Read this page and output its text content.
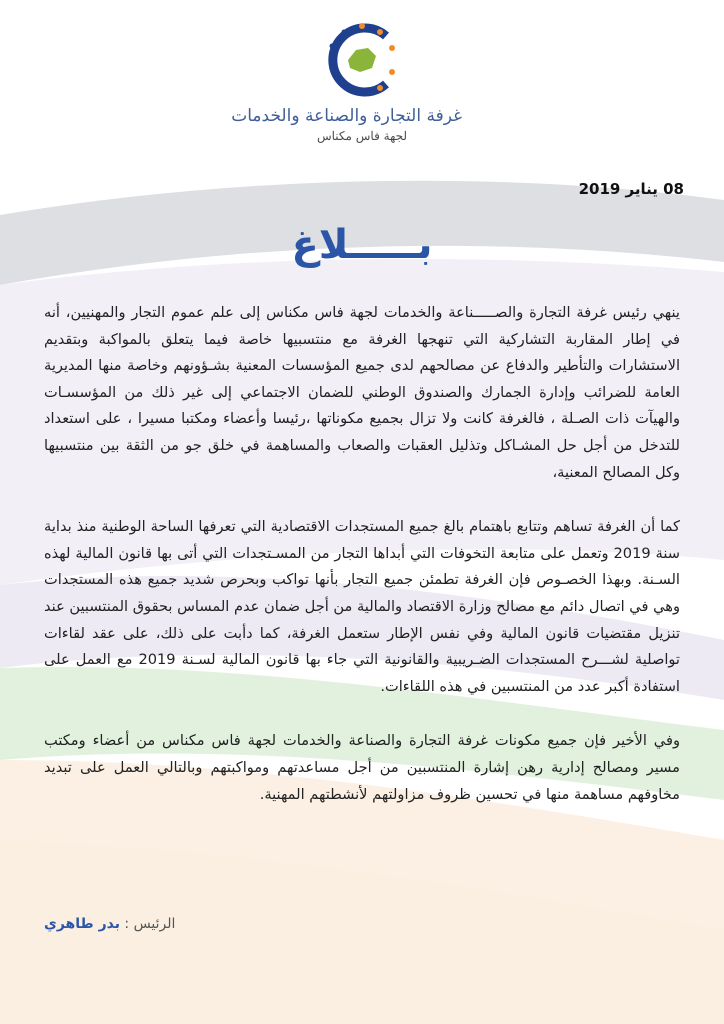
غرفة التجارة والصناعة والخدمات
لجهة فاس مكناس
08 يناير 2019
بـــــلاغ

ينهي رئيس غرفة التجارة والصـــــناعة والخدمات لجهة فاس مكناس إلى علم عموم التجار والمهنيين، أنه في إطار المقاربة التشاركية التي تنهجها الغرفة مع منتسبيها خاصة فيما يتعلق بالمواكبة وبتقديم الاستشارات والتأطير والدفاع عن مصالحهم لدى جميع المؤسسات المعنية بشـؤونهم وخاصة منها المديرية العامة للضرائب وإدارة الجمارك والصندوق الوطني للضمان الاجتماعي إلى غير ذلك من المؤسسـات والهيآت ذات الصـلة ، فالغرفة كانت ولا تزال بجميع مكوناتها ،رئيسا وأعضاء ومكتبا مسيرا ، على استعداد للتدخل من أجل حل المشـاكل وتذليل العقبات والصعاب والمساهمة في خلق جو من الثقة بين منتسبيها وكل المصالح المعنية،

كما أن الغرفة تساهم وتتابع باهتمام بالغ جميع المستجدات الاقتصادية التي تعرفها الساحة الوطنية منذ بداية سنة 2019 وتعمل على متابعة التخوفات التي أبداها التجار من المسـتجدات التي أتى بها قانون المالية لهذه السـنة. وبهذا الخصـوص فإن الغرفة تطمئن جميع التجار بأنها تواكب وبحرص شديد جميع هذه المستجدات وهي في اتصال دائم مع مصالح وزارة الاقتصاد والمالية من أجل ضمان عدم المساس بحقوق المنتسبين عند تنزيل مقتضيات قانون المالية وفي نفس الإطار ستعمل الغرفة، كما دأبت على ذلك، على عقد لقاءات تواصلية لشـــرح المستجدات الضـريبية والقانونية التي جاء بها قانون المالية لسـنة 2019 مع العمل على استفادة أكبر عدد من المنتسبين في هذه اللقاءات.

وفي الأخير فإن جميع مكونات غرفة التجارة والصناعة والخدمات لجهة فاس مكناس من أعضاء ومكتب مسير ومصالح إدارية رهن إشارة المنتسبين من أجل مساعدتهم ومواكبتهم وبالتالي العمل على تبديد مخاوفهم مساهمة منها في تحسين ظروف مزاولتهم لأنشطتهم المهنية.

الرئيس : بدر طاهري
